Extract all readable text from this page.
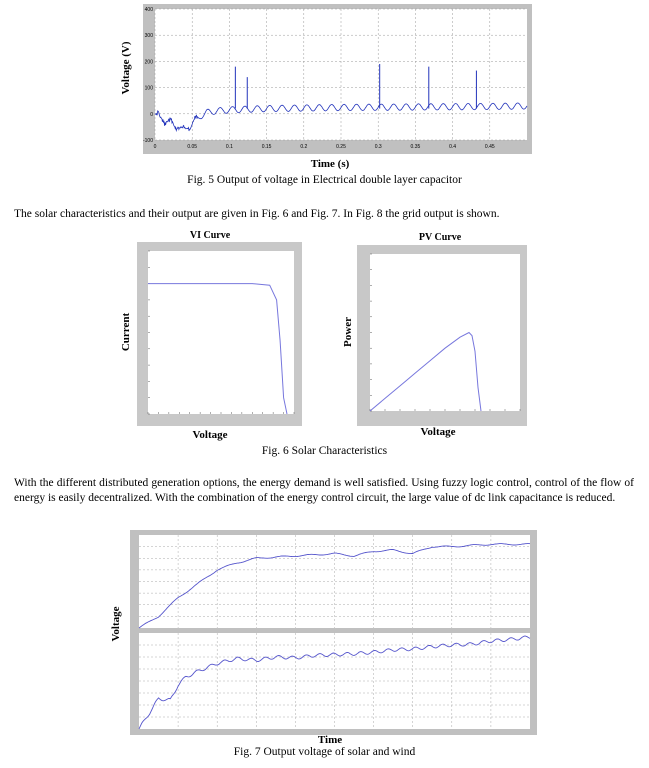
Voltage (V)
400
300
200
100
0
-100
0	0.05	0.1	0.15	0.2	0.25	0.3	0.35	0.4	0.45
Time (s)
Fig. 5 Output of voltage in Electrical double layer capacitor
The solar characteristics and their output are given in Fig. 6 and Fig. 7. In Fig. 8 the grid output is shown.
VI Curve	PV Curve
Current	Power
Voltage	Voltage
Fig. 6 Solar Characteristics
With the different distributed generation options, the energy demand is well satisfied. Using fuzzy logic control, control of the flow of energy is easily decentralized. With the combination of the energy control circuit, the large value of dc link capacitance is reduced.
Voltage
Time
Fig. 7 Output voltage of solar and wind
